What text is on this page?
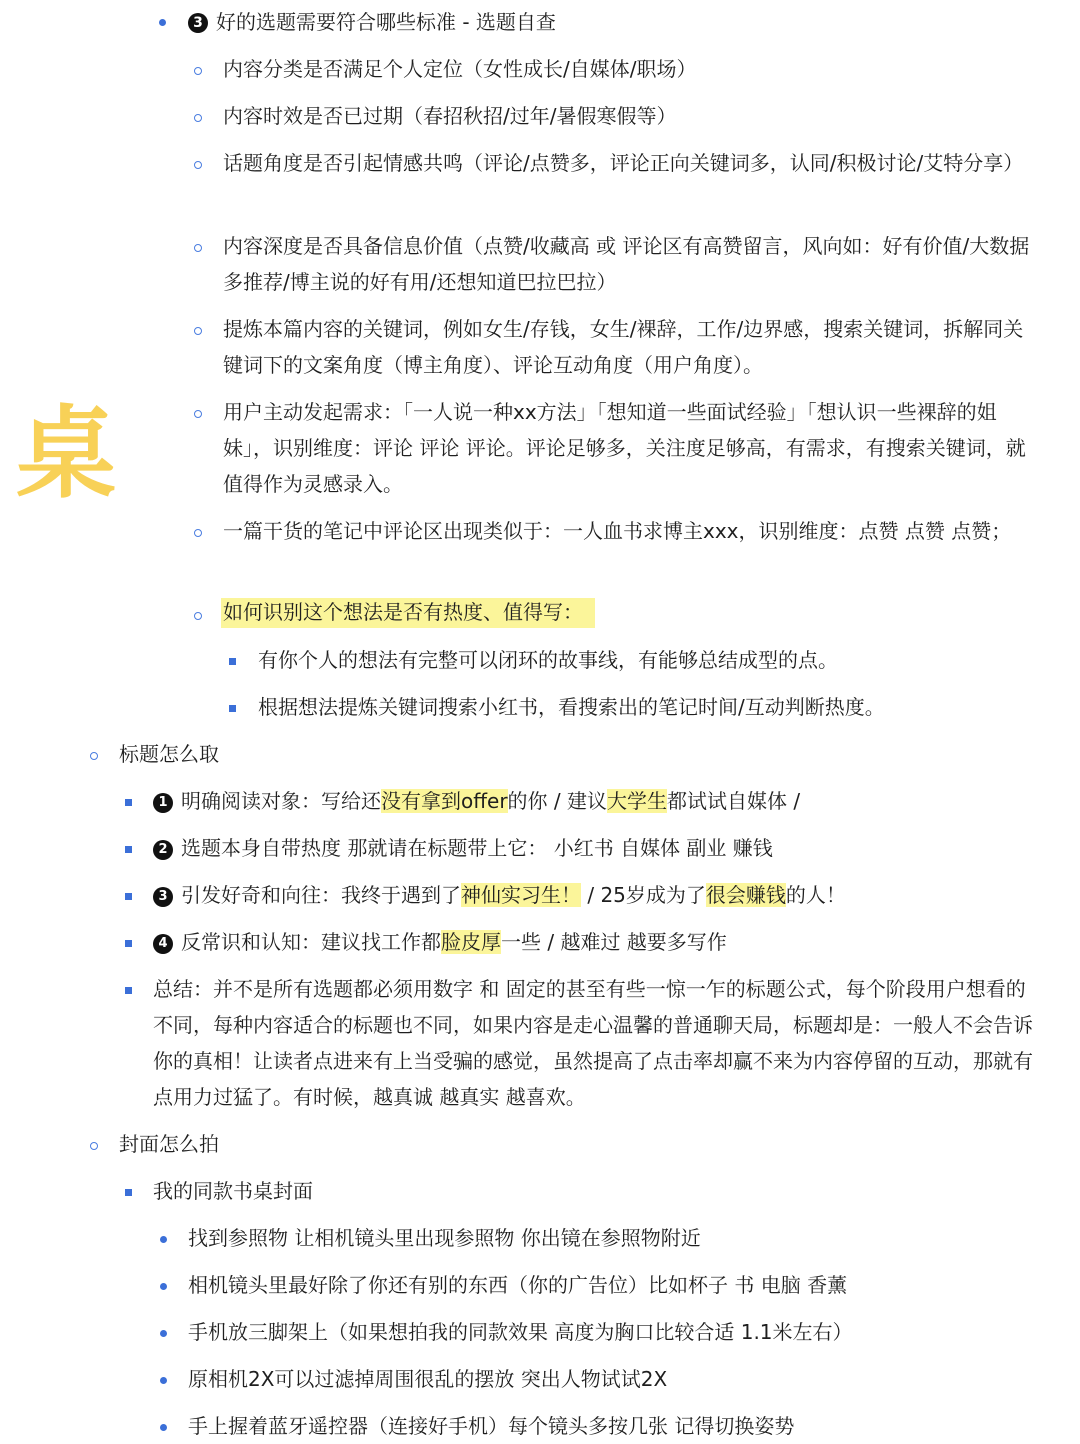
桌
3 好的选题需要符合哪些标准 - 选题自查
内容分类是否满足个人定位（女性成长/自媒体/职场）
内容时效是否已过期（春招秋招/过年/暑假寒假等）
话题角度是否引起情感共鸣（评论/点赞多，评论正向关键词多，认同/积极讨论/艾特分享）
内容深度是否具备信息价值（点赞/收藏高 或 评论区有高赞留言，风向如：好有价值/大数据多推荐/博主说的好有用/还想知道巴拉巴拉）
提炼本篇内容的关键词，例如女生/存钱，女生/裸辞，工作/边界感，搜索关键词，拆解同关键词下的文案角度（博主角度）、评论互动角度（用户角度）。
用户主动发起需求：「一人说一种xx方法」「想知道一些面试经验」「想认识一些裸辞的姐妹」，识别维度：评论 评论 评论。评论足够多，关注度足够高，有需求，有搜索关键词，就值得作为灵感录入。
一篇干货的笔记中评论区出现类似于：一人血书求博主xxx，识别维度：点赞 点赞 点赞；
如何识别这个想法是否有热度、值得写：
有你个人的想法有完整可以闭环的故事线，有能够总结成型的点。
根据想法提炼关键词搜索小红书，看搜索出的笔记时间/互动判断热度。
标题怎么取
1 明确阅读对象：写给还没有拿到offer的你 / 建议大学生都试试自媒体 /
2 选题本身自带热度 那就请在标题带上它： 小红书 自媒体 副业 赚钱
3 引发好奇和向往：我终于遇到了神仙实习生！ / 25岁成为了很会赚钱的人！
4 反常识和认知：建议找工作都脸皮厚一些 / 越难过 越要多写作
总结：并不是所有选题都必须用数字 和 固定的甚至有些一惊一乍的标题公式，每个阶段用户想看的不同，每种内容适合的标题也不同，如果内容是走心温馨的普通聊天局，标题却是：一般人不会告诉你的真相！让读者点进来有上当受骗的感觉，虽然提高了点击率却赢不来为内容停留的互动，那就有点用力过猛了。有时候，越真诚 越真实 越喜欢。
封面怎么拍
我的同款书桌封面
找到参照物 让相机镜头里出现参照物 你出镜在参照物附近
相机镜头里最好除了你还有别的东西（你的广告位）比如杯子 书 电脑 香薰
手机放三脚架上（如果想拍我的同款效果 高度为胸口比较合适 1.1米左右）
原相机2X可以过滤掉周围很乱的摆放 突出人物试试2X
手上握着蓝牙遥控器（连接好手机）每个镜头多按几张 记得切换姿势
